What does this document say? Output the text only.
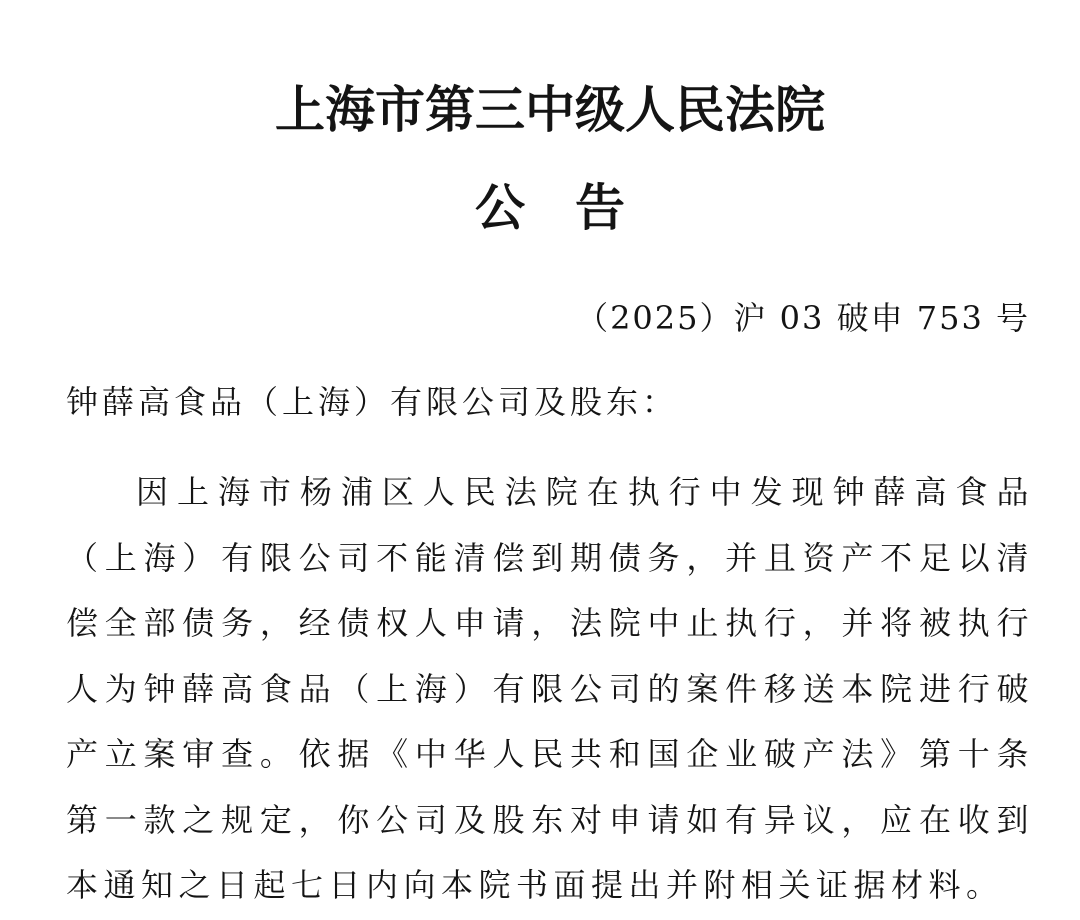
上海市第三中级人民法院
公　告
（2025）沪 03 破申 753 号
钟薛高食品（上海）有限公司及股东：

因上海市杨浦区人民法院在执行中发现钟薛高食品（上海）有限公司不能清偿到期债务，并且资产不足以清偿全部债务，经债权人申请，法院中止执行，并将被执行人为钟薛高食品（上海）有限公司的案件移送本院进行破产立案审查。依据《中华人民共和国企业破产法》第十条第一款之规定，你公司及股东对申请如有异议，应在收到本通知之日起七日内向本院书面提出并附相关证据材料。
